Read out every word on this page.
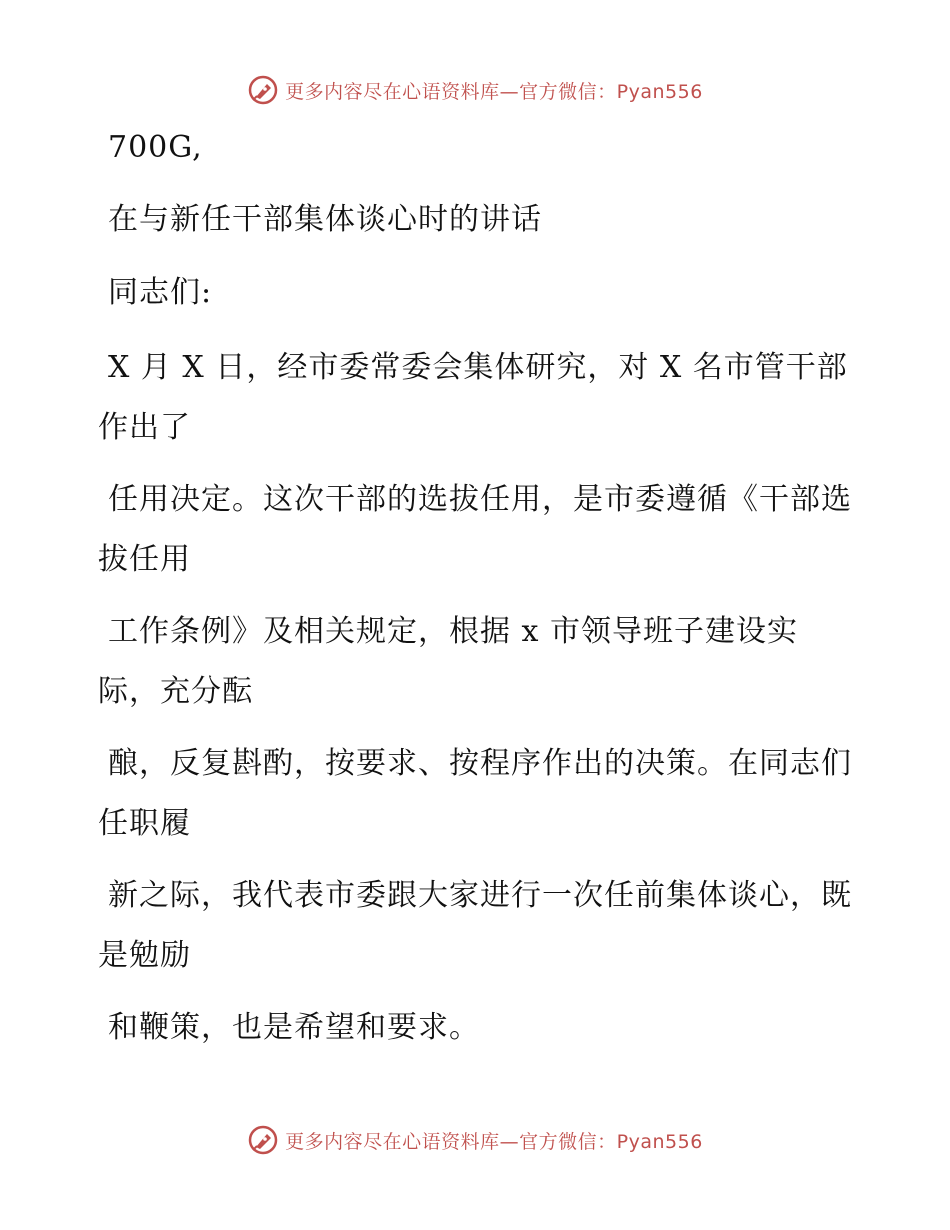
更多内容尽在心语资料库—官方微信：Pyan556

700G,

在与新任干部集体谈心时的讲话

同志们:

X 月 X 日，经市委常委会集体研究，对 X 名市管干部作出了

任用决定。这次干部的选拔任用，是市委遵循《干部选拔任用

工作条例》及相关规定，根据 x 市领导班子建设实际，充分酝

酿，反复斟酌，按要求、按程序作出的决策。在同志们任职履

新之际，我代表市委跟大家进行一次任前集体谈心，既是勉励

和鞭策，也是希望和要求。

更多内容尽在心语资料库—官方微信：Pyan556
